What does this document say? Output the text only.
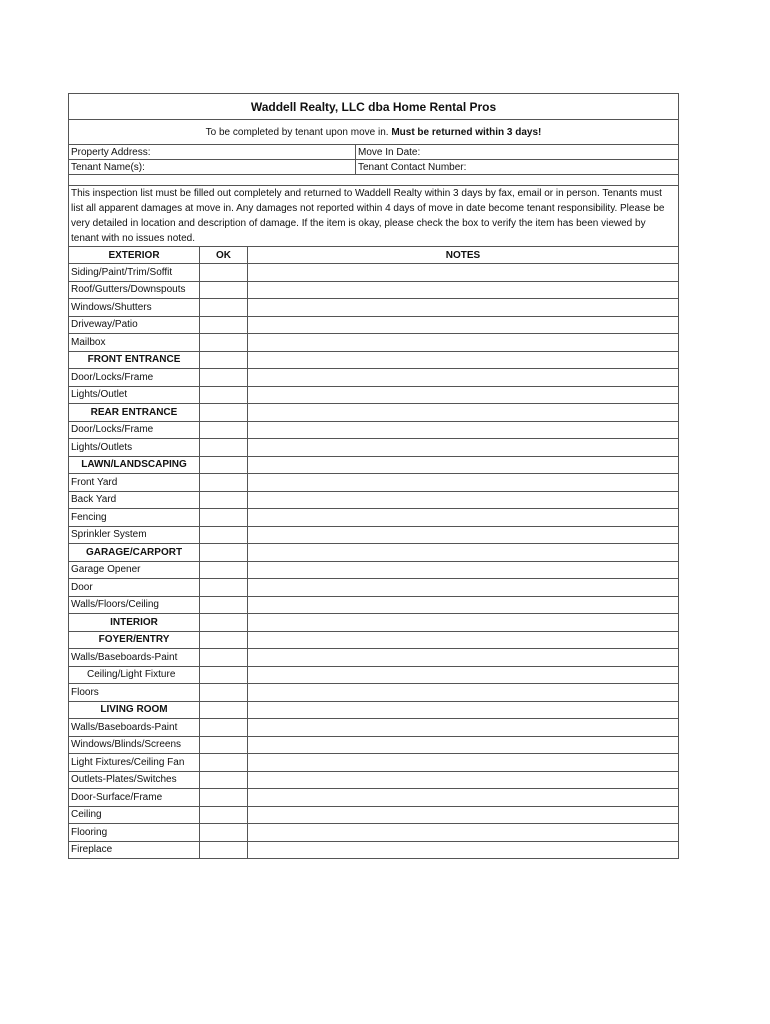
Waddell Realty, LLC dba Home Rental Pros			
To be completed by tenant upon move in. Must be returned within 3 days!			
Property Address:			Move In Date:
Tenant Name(s):			Tenant Contact Number:

This inspection list must be filled out completely and returned to Waddell Realty within 3 days by fax, email or in person. Tenants must list all apparent damages at move in. Any damages not reported within 4 days of move in date become tenant responsibility. Please be very detailed in location and description of damage. If the item is okay, please check the box to verify the item has been viewed by tenant with no issues noted.			
EXTERIOR	OK	NOTES	
Siding/Paint/Trim/Soffit			
Roof/Gutters/Downspouts			
Windows/Shutters			
Driveway/Patio			
Mailbox			
FRONT ENTRANCE			
Door/Locks/Frame			
Lights/Outlet			
REAR ENTRANCE			
Door/Locks/Frame			
Lights/Outlets			
LAWN/LANDSCAPING			
Front Yard			
Back Yard			
Fencing			
Sprinkler System			
GARAGE/CARPORT			
Garage Opener			
Door			
Walls/Floors/Ceiling			
INTERIOR			
FOYER/ENTRY			
Walls/Baseboards-Paint			
Ceiling/Light Fixture			
Floors			
LIVING ROOM			
Walls/Baseboards-Paint			
Windows/Blinds/Screens			
Light Fixtures/Ceiling Fan			
Outlets-Plates/Switches			
Door-Surface/Frame			
Ceiling			
Flooring			
Fireplace			
